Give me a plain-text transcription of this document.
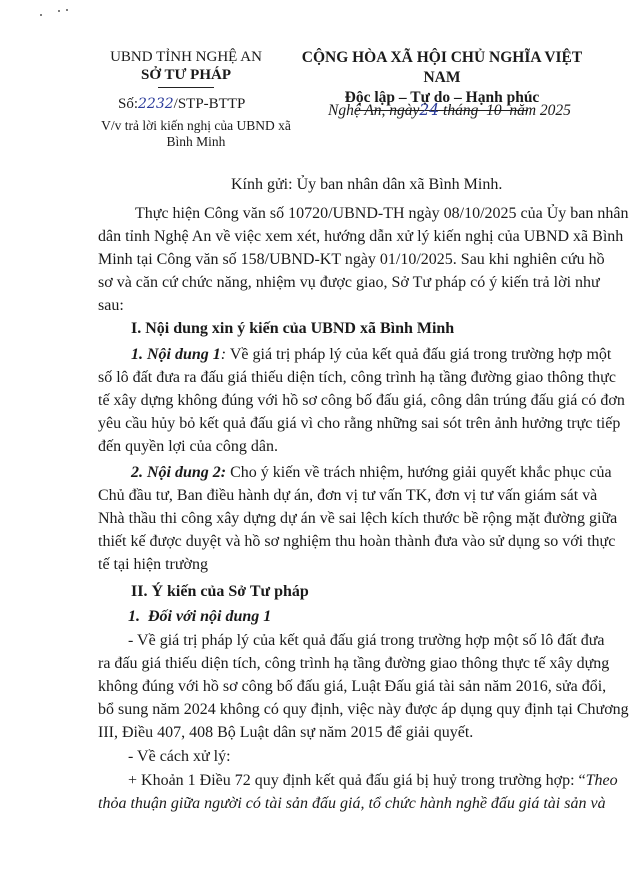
UBND TỈNH NGHỆ AN
SỞ TƯ PHÁP
CỘNG HÒA XÃ HỘI CHỦ NGHĨA VIỆT NAM
Độc lập – Tự do – Hạnh phúc
Số:2232/STP-BTTP
V/v trả lời kiến nghị của UBND xã
Bình Minh
Nghệ An, ngày24 tháng  10  năm 2025
Kính gửi: Ủy ban nhân dân xã Bình Minh.
Thực hiện Công văn số 10720/UBND-TH ngày 08/10/2025 của Ủy ban nhân
dân tỉnh Nghệ An về việc xem xét, hướng dẫn xử lý kiến nghị của UBND xã Bình
Minh tại Công văn số 158/UBND-KT ngày 01/10/2025. Sau khi nghiên cứu hồ
sơ và căn cứ chức năng, nhiệm vụ được giao, Sở Tư pháp có ý kiến trả lời như
sau:
I. Nội dung xin ý kiến của UBND xã Bình Minh
1. Nội dung 1: Về giá trị pháp lý của kết quả đấu giá trong trường hợp một
số lô đất đưa ra đấu giá thiếu diện tích, công trình hạ tầng đường giao thông thực
tế xây dựng không đúng với hồ sơ công bố đấu giá, công dân trúng đấu giá có đơn
yêu cầu hủy bỏ kết quả đấu giá vì cho rằng những sai sót trên ảnh hưởng trực tiếp
đến quyền lợi của công dân.
2. Nội dung 2: Cho ý kiến về trách nhiệm, hướng giải quyết khắc phục của
Chủ đầu tư, Ban điều hành dự án, đơn vị tư vấn TK, đơn vị tư vấn giám sát và
Nhà thầu thi công xây dựng dự án về sai lệch kích thước bề rộng mặt đường giữa
thiết kế được duyệt và hồ sơ nghiệm thu hoàn thành đưa vào sử dụng so với thực
tế tại hiện trường
II. Ý kiến của Sở Tư pháp
1.  Đối với nội dung 1
- Về giá trị pháp lý của kết quả đấu giá trong trường hợp một số lô đất đưa
ra đấu giá thiếu diện tích, công trình hạ tầng đường giao thông thực tế xây dựng
không đúng với hồ sơ công bố đấu giá, Luật Đấu giá tài sản năm 2016, sửa đổi,
bổ sung năm 2024 không có quy định, việc này được áp dụng quy định tại Chương
III, Điều 407, 408 Bộ Luật dân sự năm 2015 để giải quyết.
- Về cách xử lý:
+ Khoản 1 Điều 72 quy định kết quả đấu giá bị huỷ trong trường hợp: “Theo
thỏa thuận giữa người có tài sản đấu giá, tổ chức hành nghề đấu giá tài sản và
